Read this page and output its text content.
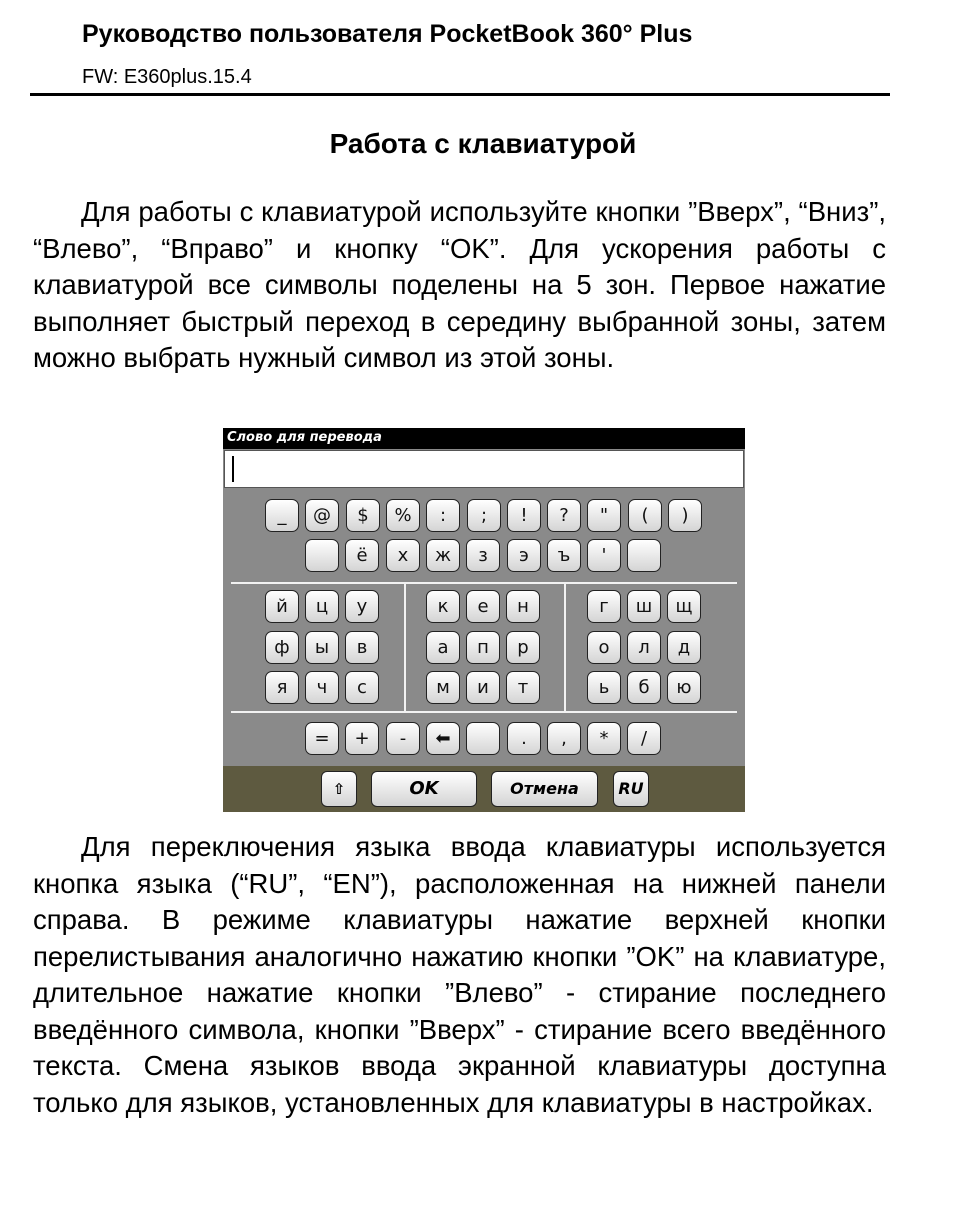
Руководство пользователя PocketBook 360° Plus
FW: E360plus.15.4
Работа с клавиатурой

Для работы с клавиатурой используйте кнопки ”Вверх”, “Вниз”, “Влево”, “Вправо” и кнопку “OK”. Для ускорения работы с клавиатурой все символы поделены на 5 зон. Первое нажатие выполняет быстрый переход в середину выбранной зоны, затем можно выбрать нужный символ из этой зоны.

Слово для перевода
⇧	OK	Отмена	RU
_	@	$	%	:	;	!	?	"	(	)
ё	х	ж	з	э	ъ	'
й	ц	у	к	е	н	г	ш	щ
ф	ы	в	а	п	р	о	л	д
я	ч	с	м	и	т	ь	б	ю
=	+	-	⬅	.	,	*	/

Для переключения языка ввода клавиатуры используется кнопка языка (“RU”, “EN”), расположенная на нижней панели справа. В режиме клавиатуры нажатие верхней кнопки перелистывания аналогично нажатию кнопки ”OK” на клавиатуре, длительное нажатие кнопки ”Влево” - стирание последнего введённого символа, кнопки ”Вверх” - стирание всего введённого текста. Смена языков ввода экранной клавиатуры доступна только для языков, установленных для клавиатуры в настройках.
